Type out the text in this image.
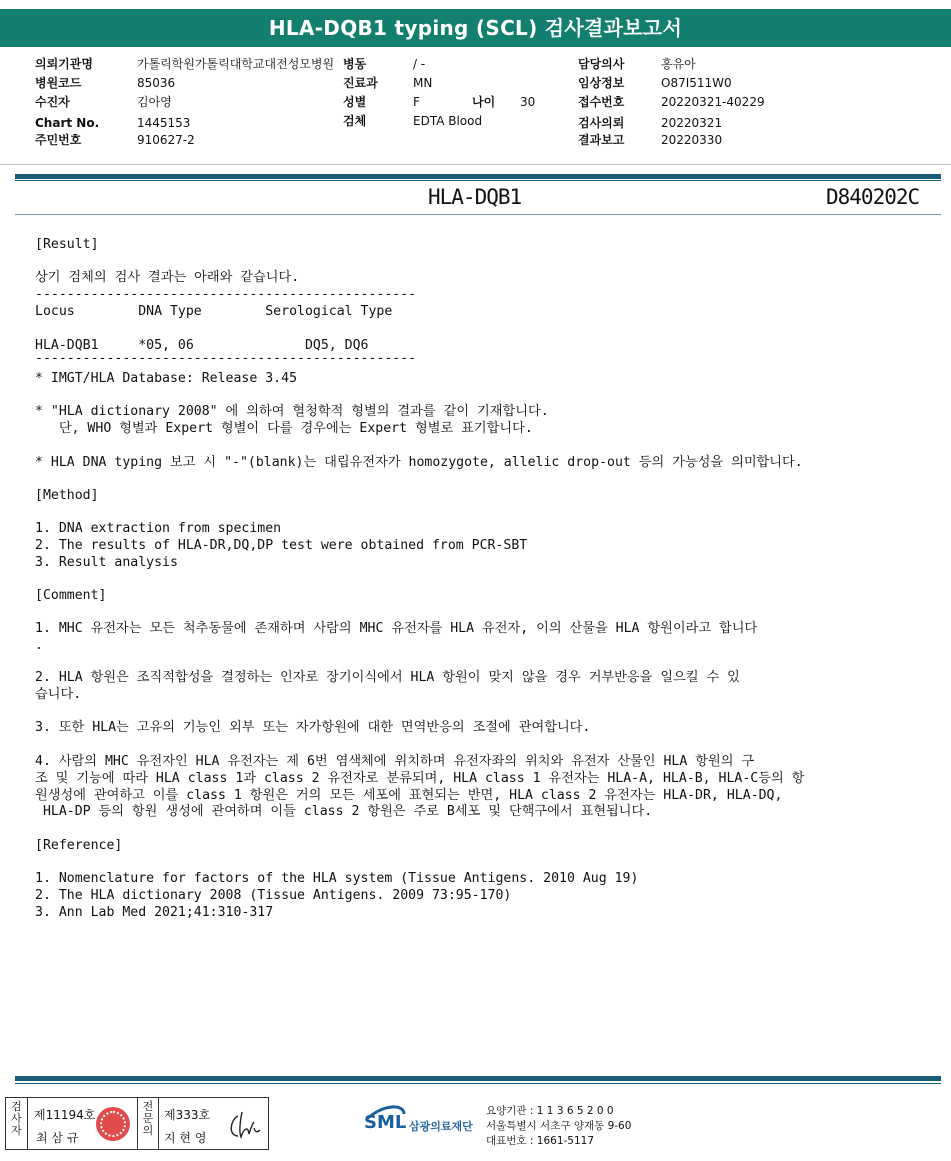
HLA-DQB1 typing (SCL) 검사결과보고서
의뢰기관명	가톨릭학원가톨릭대학교대전성모병원 병동	/ -	담당의사	홍유아
병원코드	85036	진료과	MN	임상정보	O87I511W0
수진자	김아영	성별	F	나이 30	접수번호	20220321-40229
Chart No.	1445153	검체	EDTA Blood	검사의뢰	20220321
주민번호	910627-2	결과보고	20220330
HLA-DQB1	D840202C
[Result]
상기 검체의 검사 결과는 아래와 같습니다.
------------------------------------------------
Locus        DNA Type        Serological Type
HLA-DQB1     *05, 06              DQ5, DQ6
------------------------------------------------
* IMGT/HLA Database: Release 3.45
* "HLA dictionary 2008" 에 의하여 혈청학적 형별의 결과를 같이 기재합니다.
단, WHO 형별과 Expert 형별이 다를 경우에는 Expert 형별로 표기합니다.
* HLA DNA typing 보고 시 "-"(blank)는 대립유전자가 homozygote, allelic drop-out 등의 가능성을 의미합니다.
[Method]
1. DNA extraction from specimen
2. The results of HLA-DR,DQ,DP test were obtained from PCR-SBT
3. Result analysis
[Comment]
1. MHC 유전자는 모든 척추동물에 존재하며 사람의 MHC 유전자를 HLA 유전자, 이의 산물을 HLA 항원이라고 합니다
.
2. HLA 항원은 조직적합성을 결정하는 인자로 장기이식에서 HLA 항원이 맞지 않을 경우 거부반응을 일으킬 수 있
습니다.
3. 또한 HLA는 고유의 기능인 외부 또는 자가항원에 대한 면역반응의 조절에 관여합니다.
4. 사람의 MHC 유전자인 HLA 유전자는 제 6번 염색체에 위치하며 유전자좌의 위치와 유전자 산물인 HLA 항원의 구
조 및 기능에 따라 HLA class 1과 class 2 유전자로 분류되며, HLA class 1 유전자는 HLA-A, HLA-B, HLA-C등의 항
원생성에 관여하고 이를 class 1 항원은 거의 모든 세포에 표현되는 반면, HLA class 2 유전자는 HLA-DR, HLA-DQ,
HLA-DP 등의 항원 생성에 관여하며 이들 class 2 항원은 주로 B세포 및 단핵구에서 표현됩니다.
[Reference]
1. Nomenclature for factors of the HLA system (Tissue Antigens. 2010 Aug 19)
2. The HLA dictionary 2008 (Tissue Antigens. 2009 73:95-170)
3. Ann Lab Med 2021;41:310-317
검사자
제11194호
최 삼 규
전문의
제333호
지 현 영
SML 삼광의료재단
요양기관 : 1 1 3 6 5 2 0 0
서울특별시 서초구 양재동 9-60
대표번호 : 1661-5117
